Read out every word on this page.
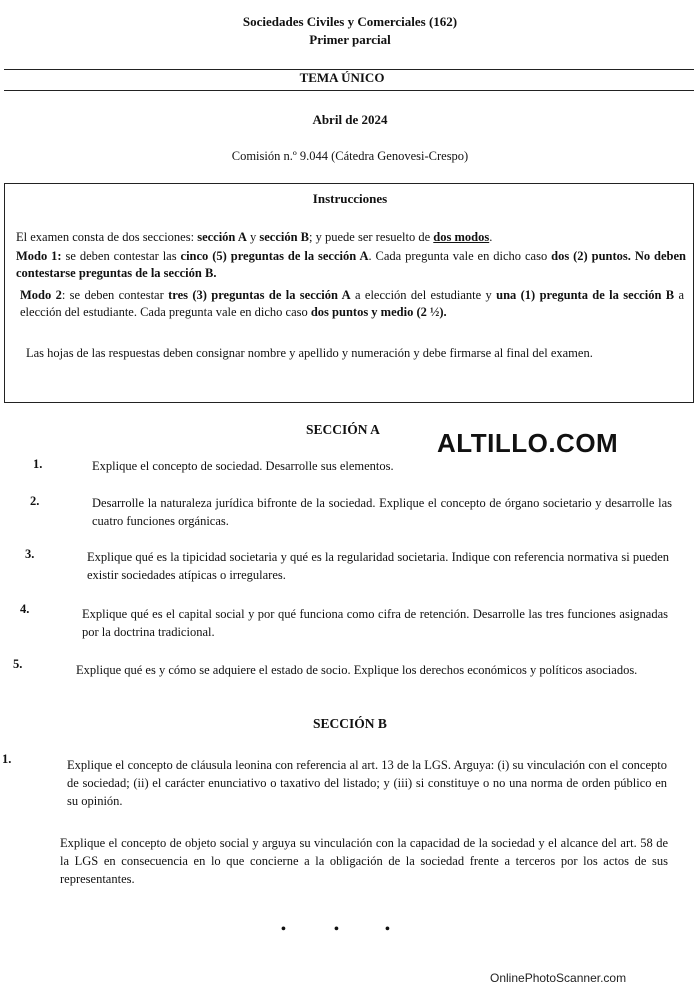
Sociedades Civiles y Comerciales (162)
Primer parcial
TEMA ÚNICO
Abril de 2024
Comisión n.º 9.044 (Cátedra Genovesi-Crespo)
Instrucciones
El examen consta de dos secciones: sección A y sección B; y puede ser resuelto de dos modos.
Modo 1: se deben contestar las cinco (5) preguntas de la sección A. Cada pregunta vale en dicho caso dos (2) puntos. No deben contestarse preguntas de la sección B.
Modo 2: se deben contestar tres (3) preguntas de la sección A a elección del estudiante y una (1) pregunta de la sección B a elección del estudiante. Cada pregunta vale en dicho caso dos puntos y medio (2 ½).
Las hojas de las respuestas deben consignar nombre y apellido y numeración y debe firmarse al final del examen.
SECCIÓN A ALTILLO.COM
1.	Explique el concepto de sociedad. Desarrolle sus elementos.
2.	Desarrolle la naturaleza jurídica bifronte de la sociedad. Explique el concepto de órgano societario y desarrolle las cuatro funciones orgánicas.
3.	Explique qué es la tipicidad societaria y qué es la regularidad societaria. Indique con referencia normativa si pueden existir sociedades atípicas o irregulares.
4.	Explique qué es el capital social y por qué funciona como cifra de retención. Desarrolle las tres funciones asignadas por la doctrina tradicional.
5.	Explique qué es y cómo se adquiere el estado de socio. Explique los derechos económicos y políticos asociados.
SECCIÓN B
1.	Explique el concepto de cláusula leonina con referencia al art. 13 de la LGS. Arguya: (i) su vinculación con el concepto de sociedad; (ii) el carácter enunciativo o taxativo del listado; y (iii) si constituye o no una norma de orden público en su opinión.
Explique el concepto de objeto social y arguya su vinculación con la capacidad de la sociedad y el alcance del art. 58 de la LGS en consecuencia en lo que concierne a la obligación de la sociedad frente a terceros por los actos de sus representantes.
•	•	•
OnlinePhotoScanner.com
